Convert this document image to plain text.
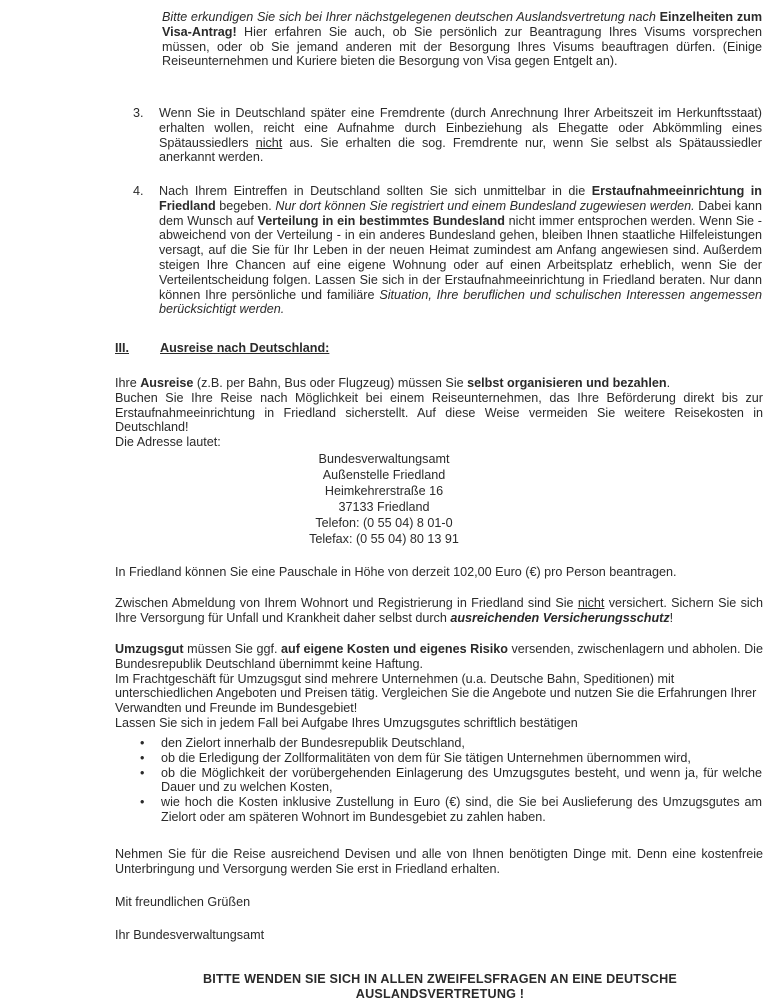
Bitte erkundigen Sie sich bei Ihrer nächstgelegenen deutschen Auslandsvertretung nach Einzelheiten zum Visa-Antrag! Hier erfahren Sie auch, ob Sie persönlich zur Beantragung Ihres Visums vorsprechen müssen, oder ob Sie jemand anderen mit der Besorgung Ihres Visums beauftragen dürfen. (Einige Reiseunternehmen und Kuriere bieten die Besorgung von Visa gegen Entgelt an).

3.	Wenn Sie in Deutschland später eine Fremdrente (durch Anrechnung Ihrer Arbeitszeit im Herkunftsstaat) erhalten wollen, reicht eine Aufnahme durch Einbeziehung als Ehegatte oder Abkömmling eines Spätaussiedlers nicht aus. Sie erhalten die sog. Fremdrente nur, wenn Sie selbst als Spätaussiedler anerkannt werden.

4.	Nach Ihrem Eintreffen in Deutschland sollten Sie sich unmittelbar in die Erstaufnahmeeinrichtung in Friedland begeben. Nur dort können Sie registriert und einem Bundesland zugewiesen werden. Dabei kann dem Wunsch auf Verteilung in ein bestimmtes Bundesland nicht immer entsprochen werden. Wenn Sie - abweichend von der Verteilung - in ein anderes Bundesland gehen, bleiben Ihnen staatliche Hilfeleistungen versagt, auf die Sie für Ihr Leben in der neuen Heimat zumindest am Anfang angewiesen sind. Außerdem steigen Ihre Chancen auf eine eigene Wohnung oder auf einen Arbeitsplatz erheblich, wenn Sie der Verteilentscheidung folgen. Lassen Sie sich in der Erstaufnahmeeinrichtung in Friedland beraten. Nur dann können Ihre persönliche und familiäre Situation, Ihre beruflichen und schulischen Interessen angemessen berücksichtigt werden.

III. Ausreise nach Deutschland:

Ihre Ausreise (z.B. per Bahn, Bus oder Flugzeug) müssen Sie selbst organisieren und bezahlen.

Buchen Sie Ihre Reise nach Möglichkeit bei einem Reiseunternehmen, das Ihre Beförderung direkt bis zur Erstaufnahmeeinrichtung in Friedland sicherstellt. Auf diese Weise vermeiden Sie weitere Reisekosten in Deutschland!

Die Adresse lautet:

Bundesverwaltungsamt
Außenstelle Friedland
Heimkehrerstraße 16
37133 Friedland
Telefon: (0 55 04) 8 01-0
Telefax: (0 55 04) 80 13 91

In Friedland können Sie eine Pauschale in Höhe von derzeit 102,00 Euro (€) pro Person beantragen.

Zwischen Abmeldung von Ihrem Wohnort und Registrierung in Friedland sind Sie nicht versichert. Sichern Sie sich Ihre Versorgung für Unfall und Krankheit daher selbst durch ausreichenden Versicherungsschutz!

Umzugsgut müssen Sie ggf. auf eigene Kosten und eigenes Risiko versenden, zwischenlagern und abholen. Die Bundesrepublik Deutschland übernimmt keine Haftung.

Im Frachtgeschäft für Umzugsgut sind mehrere Unternehmen (u.a. Deutsche Bahn, Speditionen) mit unterschiedlichen Angeboten und Preisen tätig. Vergleichen Sie die Angebote und nutzen Sie die Erfahrungen Ihrer Verwandten und Freunde im Bundesgebiet!

Lassen Sie sich in jedem Fall bei Aufgabe Ihres Umzugsgutes schriftlich bestätigen

• den Zielort innerhalb der Bundesrepublik Deutschland,
• ob die Erledigung der Zollformalitäten von dem für Sie tätigen Unternehmen übernommen wird,
• ob die Möglichkeit der vorübergehenden Einlagerung des Umzugsgutes besteht, und wenn ja, für welche Dauer und zu welchen Kosten,
• wie hoch die Kosten inklusive Zustellung in Euro (€) sind, die Sie bei Auslieferung des Umzugsgutes am Zielort oder am späteren Wohnort im Bundesgebiet zu zahlen haben.

Nehmen Sie für die Reise ausreichend Devisen und alle von Ihnen benötigten Dinge mit. Denn eine kostenfreie Unterbringung und Versorgung werden Sie erst in Friedland erhalten.

Mit freundlichen Grüßen
Ihr Bundesverwaltungsamt
BITTE WENDEN SIE SICH IN ALLEN ZWEIFELSFRAGEN AN EINE DEUTSCHE
AUSLANDSVERTRETUNG !
